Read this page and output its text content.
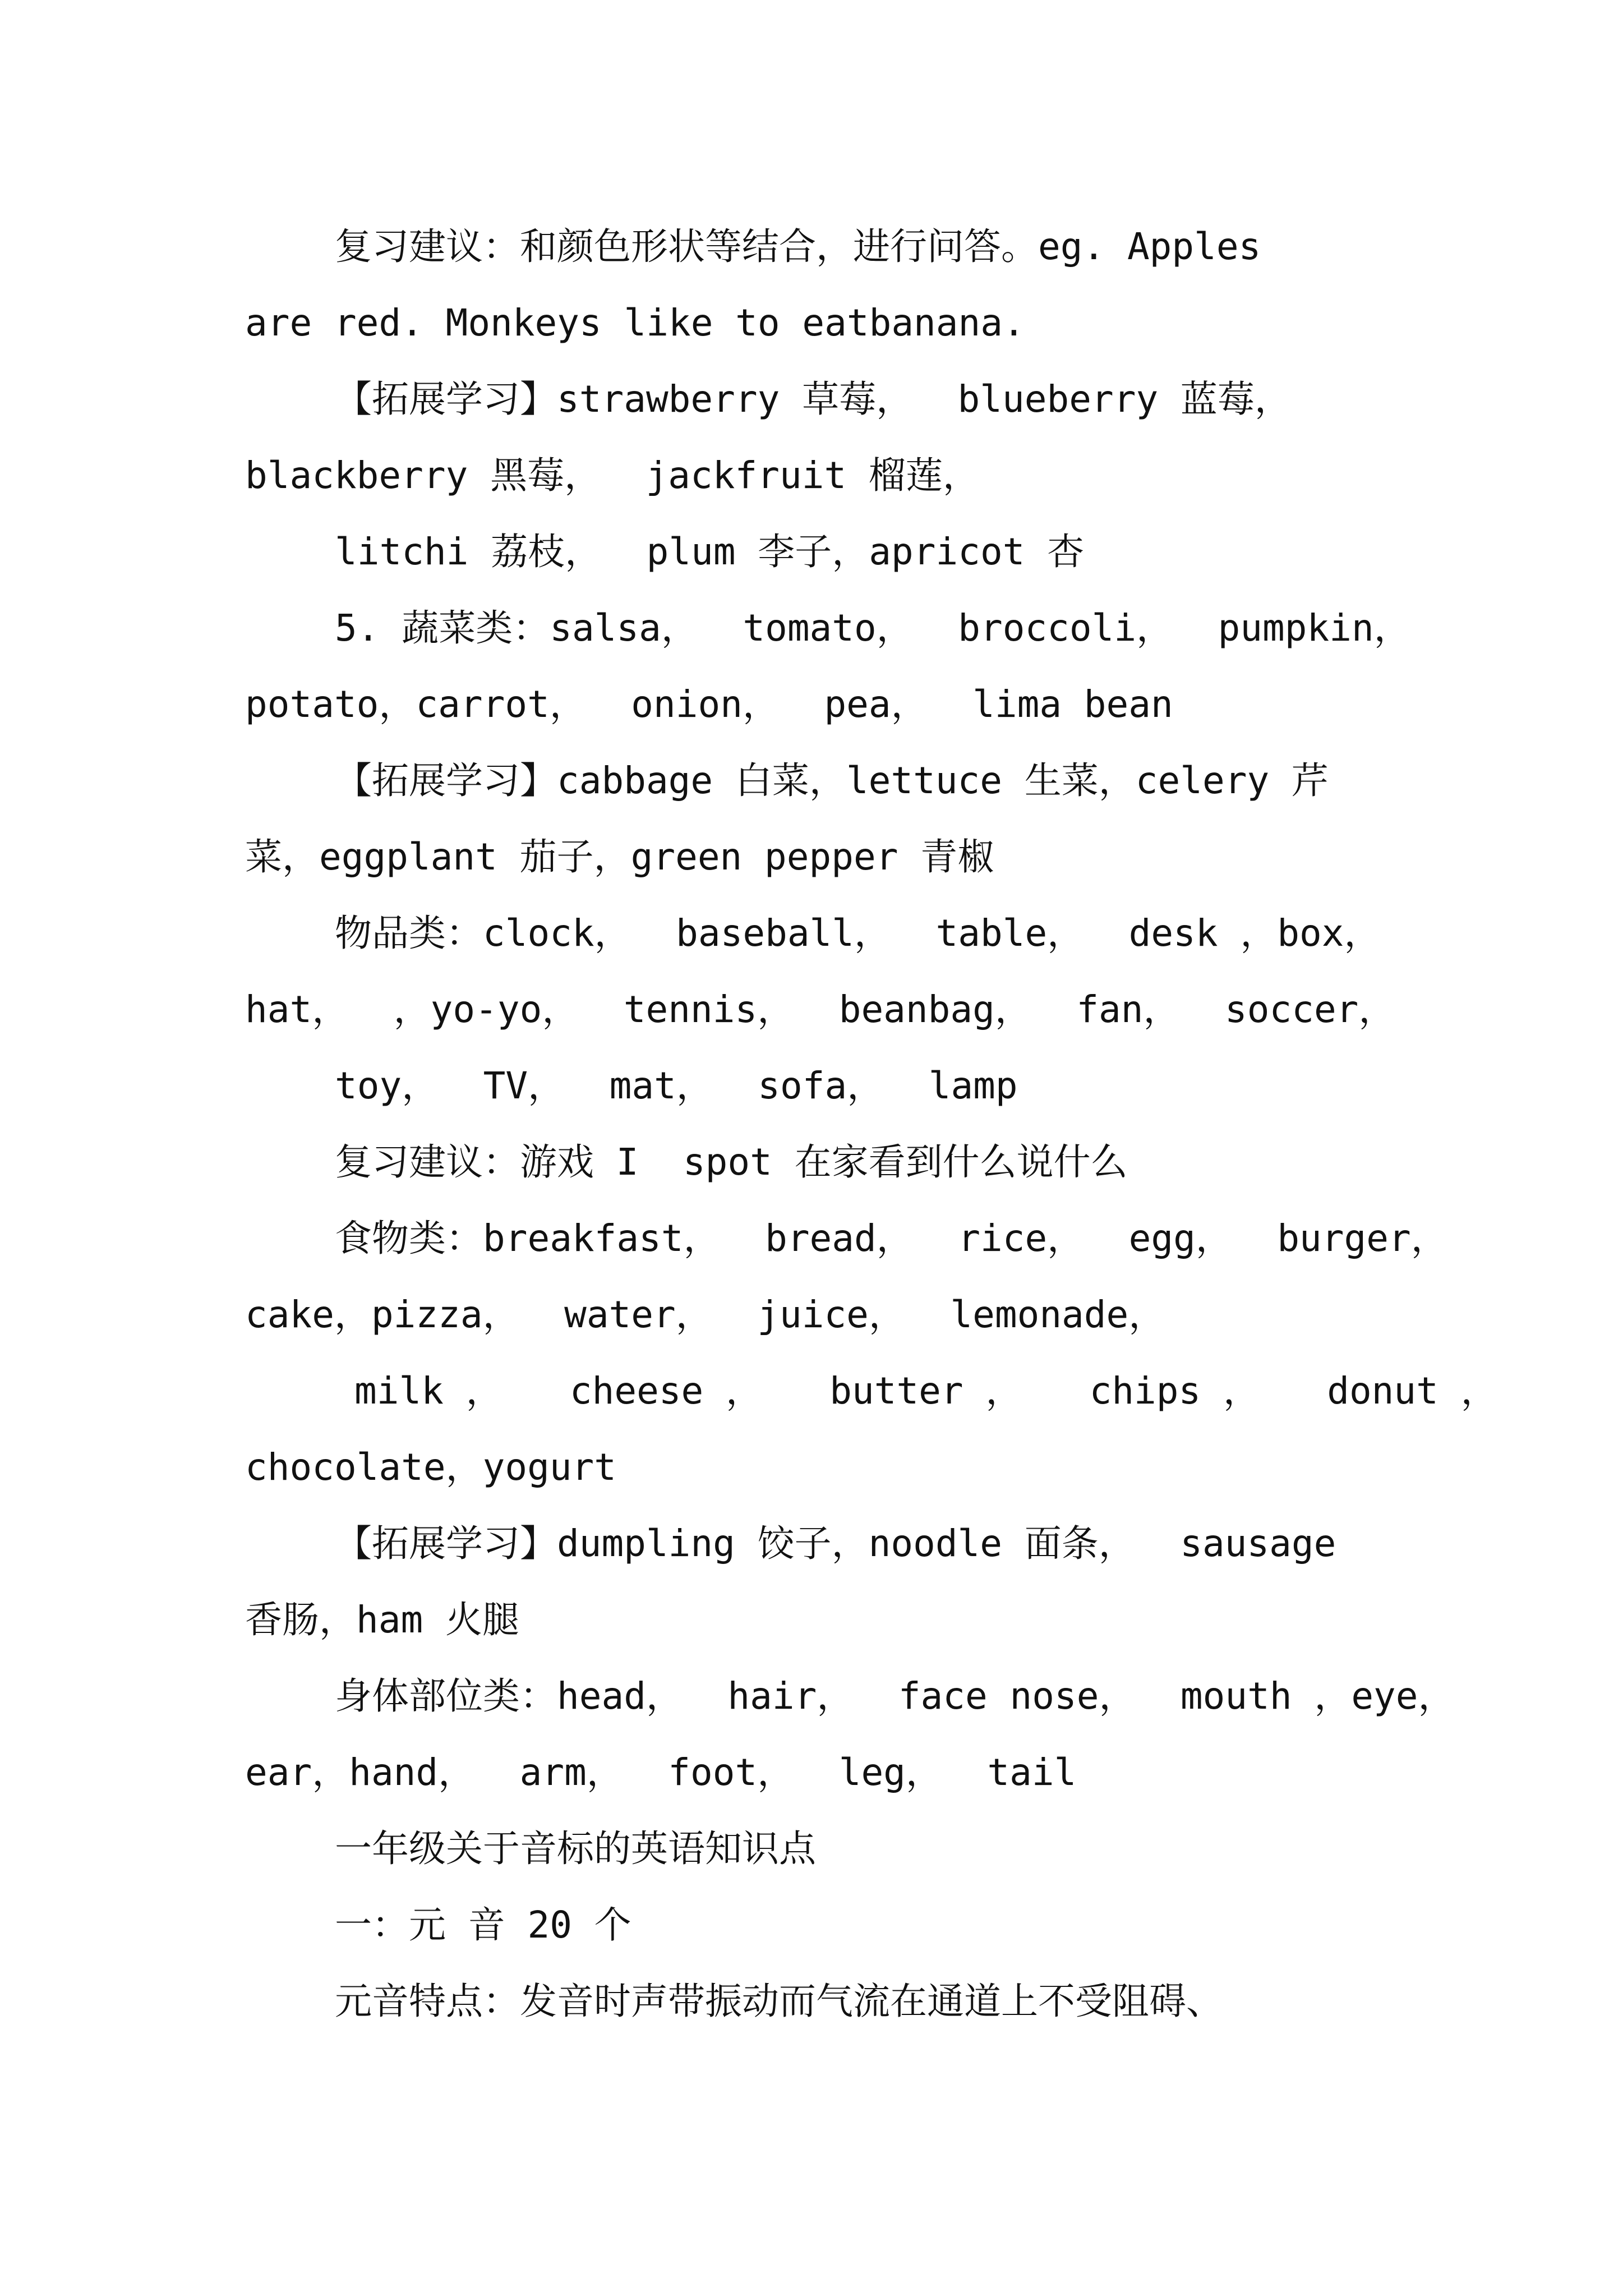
复习建议：和颜色形状等结合，进行问答。eg. Apples

are red. Monkeys like to eatbanana.

【拓展学习】strawberry 草莓，  blueberry 蓝莓，

blackberry 黑莓，  jackfruit 榴莲，

litchi 荔枝，  plum 李子，apricot 杏

5. 蔬菜类：salsa，  tomato，  broccoli，  pumpkin，

potato，carrot，  onion，  pea，  lima bean

【拓展学习】cabbage 白菜，lettuce 生菜，celery 芹

菜，eggplant 茄子，green pepper 青椒

物品类：clock，  baseball，  table，  desk ，box，

hat，  ，yo-yo，  tennis，  beanbag，  fan，  soccer，

toy，  TV，  mat，  sofa，  lamp

复习建议：游戏 I  spot 在家看到什么说什么

食物类：breakfast，  bread，  rice，  egg，  burger，

cake，pizza，  water，  juice，  lemonade，

milk ，   cheese ，   butter ，   chips ，   donut ，

chocolate，yogurt

【拓展学习】dumpling 饺子，noodle 面条，  sausage

香肠，ham 火腿

身体部位类：head，  hair，  face nose，  mouth ，eye，

ear，hand，  arm，  foot，  leg，  tail

一年级关于音标的英语知识点

一：元 音 20 个

元音特点：发音时声带振动而气流在通道上不受阻碍、
